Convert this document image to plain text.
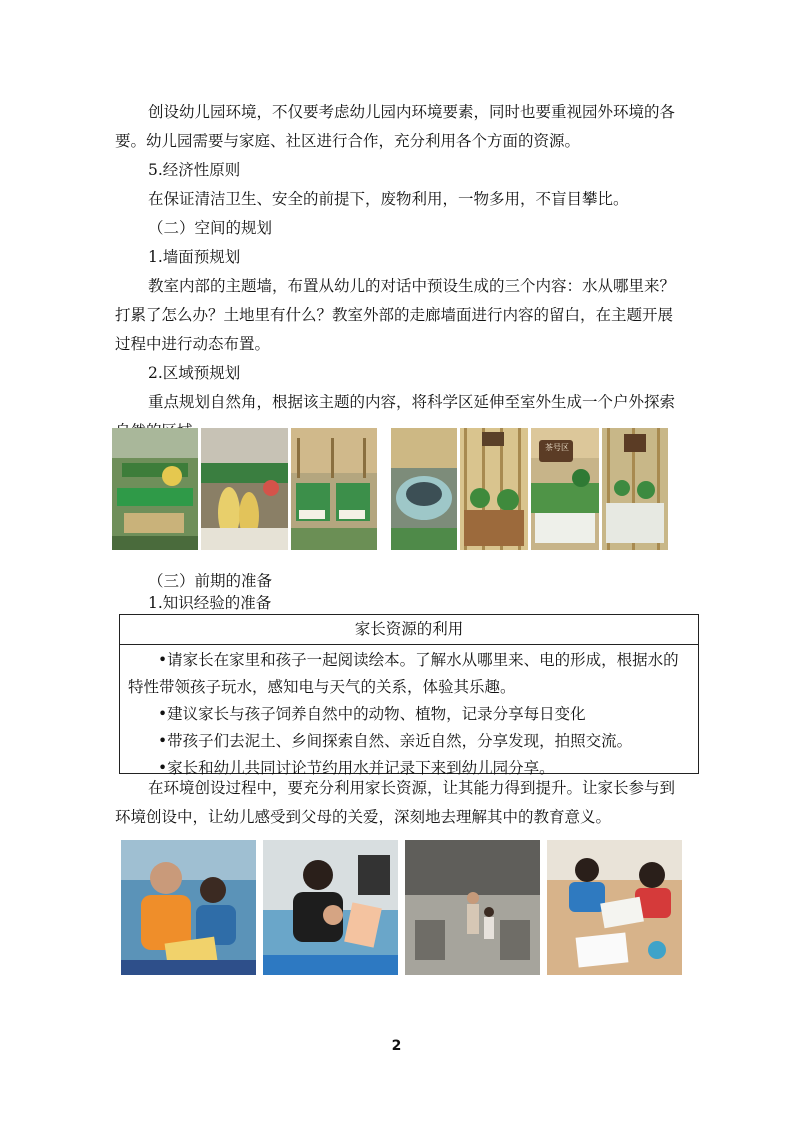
创设幼儿园环境，不仅要考虑幼儿园内环境要素，同时也要重视园外环境的各要。幼儿园需要与家庭、社区进行合作，充分利用各个方面的资源。

5.经济性原则

在保证清洁卫生、安全的前提下，废物利用，一物多用，不盲目攀比。

（二）空间的规划

1.墙面预规划

教室内部的主题墙，布置从幼儿的对话中预设生成的三个内容：水从哪里来？打累了怎么办？土地里有什么？教室外部的走廊墙面进行内容的留白，在主题开展过程中进行动态布置。

2.区域预规划

重点规划自然角，根据该主题的内容，将科学区延伸至室外生成一个户外探索 。

茶号区

（三）前期的准备

1.知识经验的准备

家长资源的利用

•请家长在家里和孩子一起阅读绘本。了解水从哪里来、电的形成，根据水的

特性带领孩子玩水，感知电与天气的关系，体验其乐趣。

•建议家长与孩子饲养自然中的动物、植物，记录分享每日变化

•带孩子们去泥土、乡间探索自然、亲近自然，分享发现，拍照交流。

•家长和幼儿共同讨论节约用水并记录下来到幼儿园分享。

在环境创设过程中，要充分利用家长资源，让其能力得到提升。让家长参与到环境创设中，让幼儿感受到父母的关爱，深刻地去理解其中的教育意义。

2
